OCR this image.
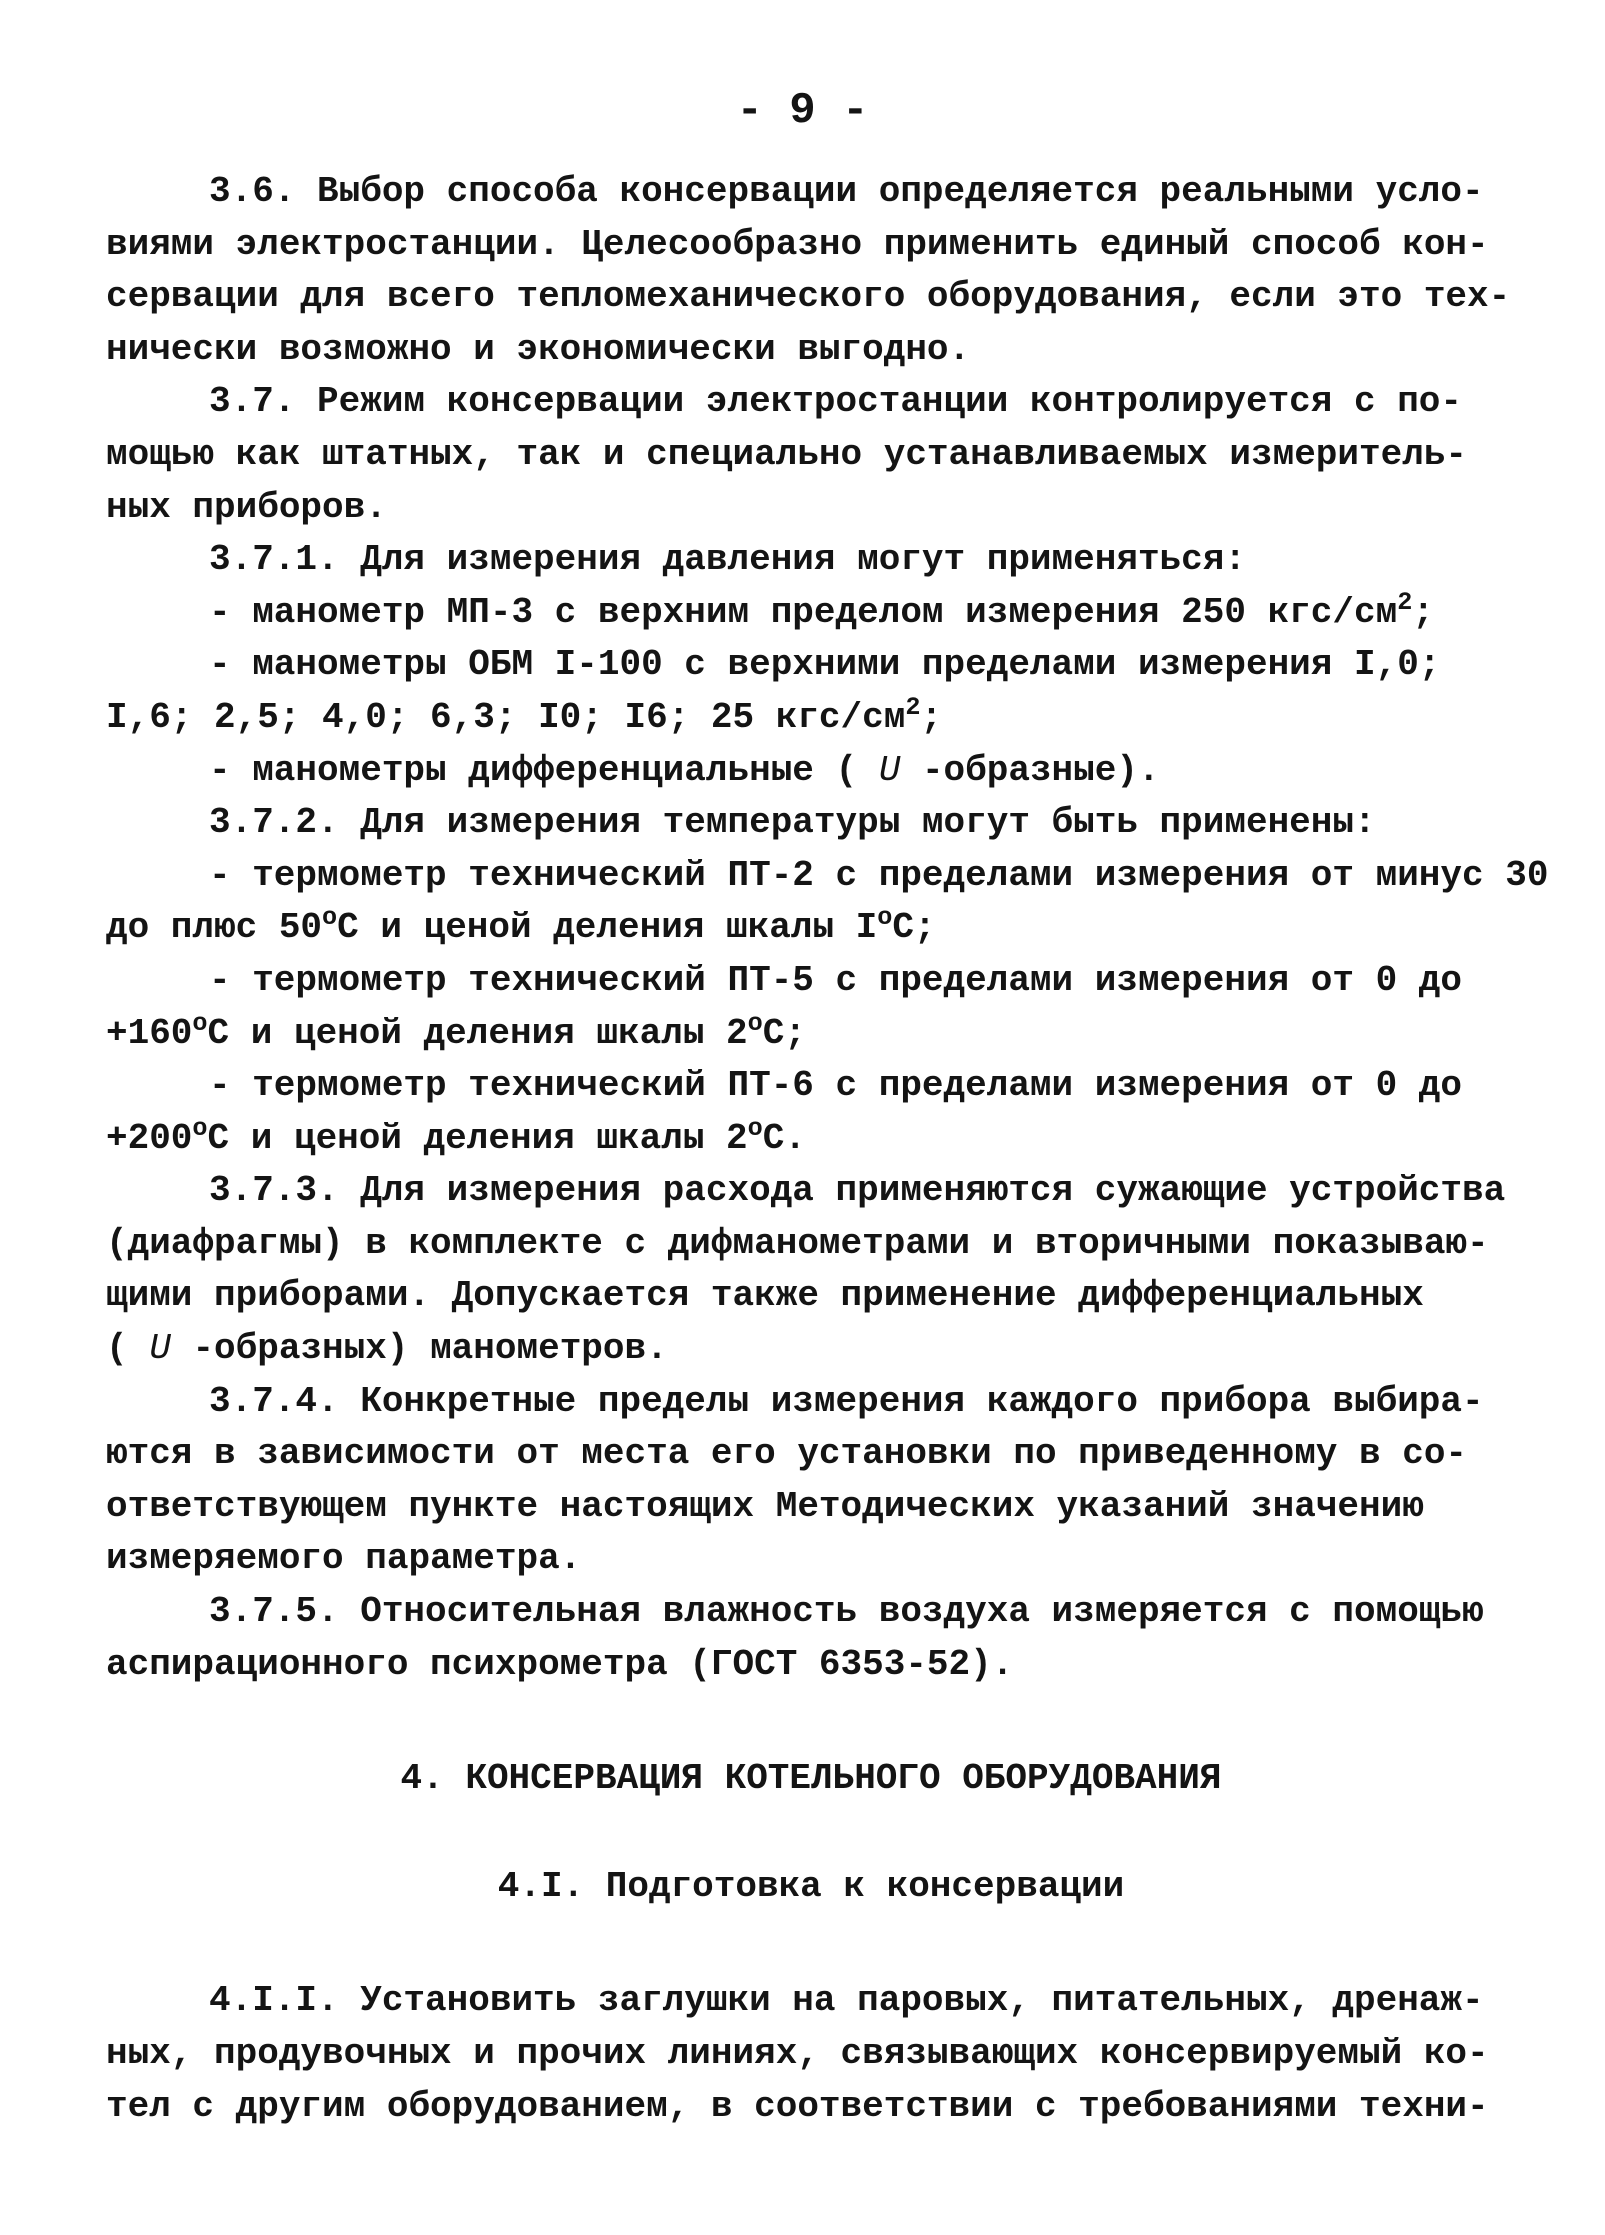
- 9 -
3.6. Выбор способа консервации определяется реальными усло-
виями электростанции. Целесообразно применить единый способ кон-
сервации для всего тепломеханического оборудования, если это тех-
нически возможно и экономически выгодно.
3.7. Режим консервации электростанции контролируется с по-
мощью как штатных, так и специально устанавливаемых измеритель-
ных приборов.
3.7.1. Для измерения давления могут применяться:
- манометр МП-3 с верхним пределом измерения 250 кгс/$см^2$;
- манометры ОБМ I-100 с верхними пределами измерения I,0;
I,6; 2,5; 4,0; 6,3; I0; I6; 25 кгс/$см^2$;
- манометры дифференциальные ( U -образные).
3.7.2. Для измерения температуры могут быть применены:
- термометр технический ПТ-2 с пределами измерения от минус 30
до плюс $50^оС$ и ценой деления шкалы $I^оС$;
- термометр технический ПТ-5 с пределами измерения от 0 до
$+160^оС$ и ценой деления шкалы $2^оС$;
- термометр технический ПТ-6 с пределами измерения от 0 до
$+200^оС$ и ценой деления шкалы $2^оС$.
3.7.3. Для измерения расхода применяются сужающие устройства
(диафрагмы) в комплекте с дифманометрами и вторичными показываю-
щими приборами. Допускается также применение дифференциальных
( U -образных) манометров.
3.7.4. Конкретные пределы измерения каждого прибора выбира-
ются в зависимости от места его установки по приведенному в со-
ответствующем пункте настоящих Методических указаний значению
измеряемого параметра.
3.7.5. Относительная влажность воздуха измеряется с помощью
аспирационного психрометра (ГОСТ 6353-52).

4. КОНСЕРВАЦИЯ КОТЕЛЬНОГО ОБОРУДОВАНИЯ

4.I. Подготовка к консервации

4.I.I. Установить заглушки на паровых, питательных, дренаж-
ных, продувочных и прочих линиях, связывающих консервируемый ко-
тел с другим оборудованием, в соответствии с требованиями техни-
